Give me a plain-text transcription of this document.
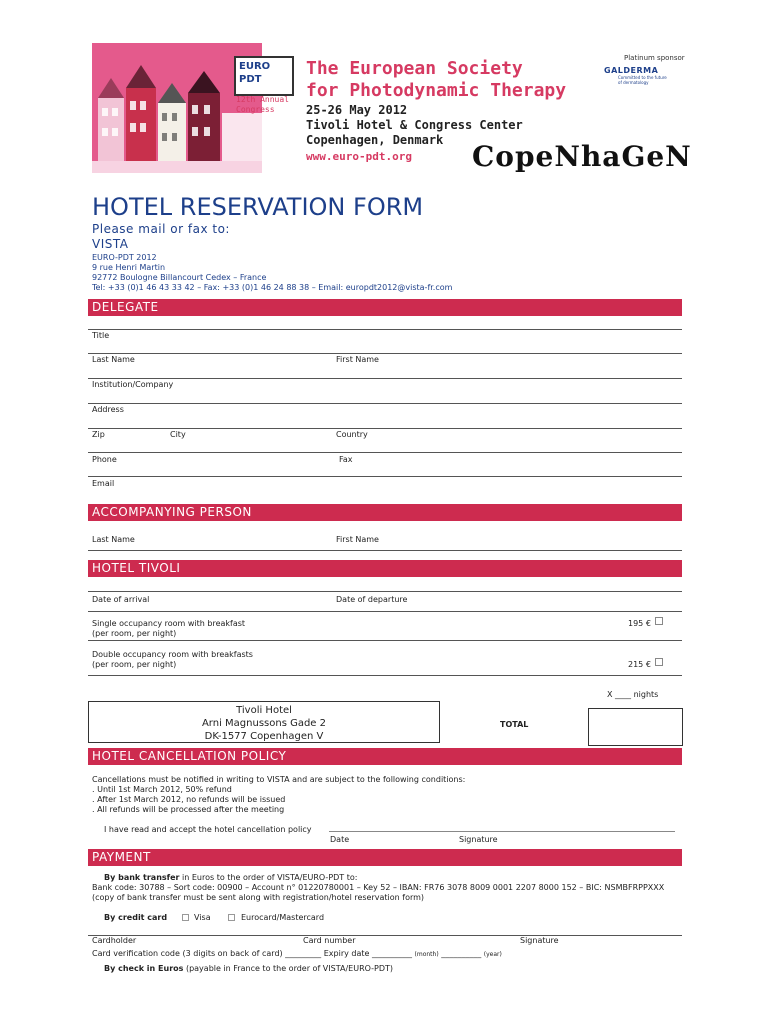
EURO PDT
12th Annual Congress
The European Society
for Photodynamic Therapy
25-26 May 2012
Tivoli Hotel & Congress Center
Copenhagen, Denmark
www.euro-pdt.org CopeNhaGeN
Platinum sponsor
GALDERMA
Committed to the future of dermatology
HOTEL RESERVATION FORM
Please mail or fax to:
VISTA
EURO-PDT 2012
9 rue Henri Martin
92772 Boulogne Billancourt Cedex – France
Tel: +33 (0)1 46 43 33 42 – Fax: +33 (0)1 46 24 88 38 – Email: europdt2012@vista-fr.com
DELEGATE
Title
Last Name	First Name
Institution/Company
Address
Zip	City	Country
Phone	Fax
Email
ACCOMPANYING PERSON
Last Name	First Name
HOTEL TIVOLI
Date of arrival	Date of departure
Single occupancy room with breakfast
(per room, per night)
195 €
Double occupancy room with breakfasts
(per room, per night)	215 €
X ____ nights
Tivoli Hotel
Arni Magnussons Gade 2
DK-1577 Copenhagen V
TOTAL
HOTEL CANCELLATION POLICY
Cancellations must be notified in writing to VISTA and are subject to the following conditions:
. Until 1st March 2012, 50% refund
. After 1st March 2012, no refunds will be issued
. All refunds will be processed after the meeting
I have read and accept the hotel cancellation policy
Date	Signature
PAYMENT
By bank transfer in Euros to the order of VISTA/EURO-PDT to:
Bank code: 30788 – Sort code: 00900 – Account n° 01220780001 – Key 52 – IBAN: FR76 3078 8009 0001 2207 8000 152 – BIC: NSMBFRPPXXX
(copy of bank transfer must be sent along with registration/hotel reservation form)
By credit card	Visa	Eurocard/Mastercard
Cardholder	Card number	Signature
Card verification code (3 digits on back of card) _________ Expiry date __________ (month) __________ (year)
By check in Euros (payable in France to the order of VISTA/EURO-PDT)
